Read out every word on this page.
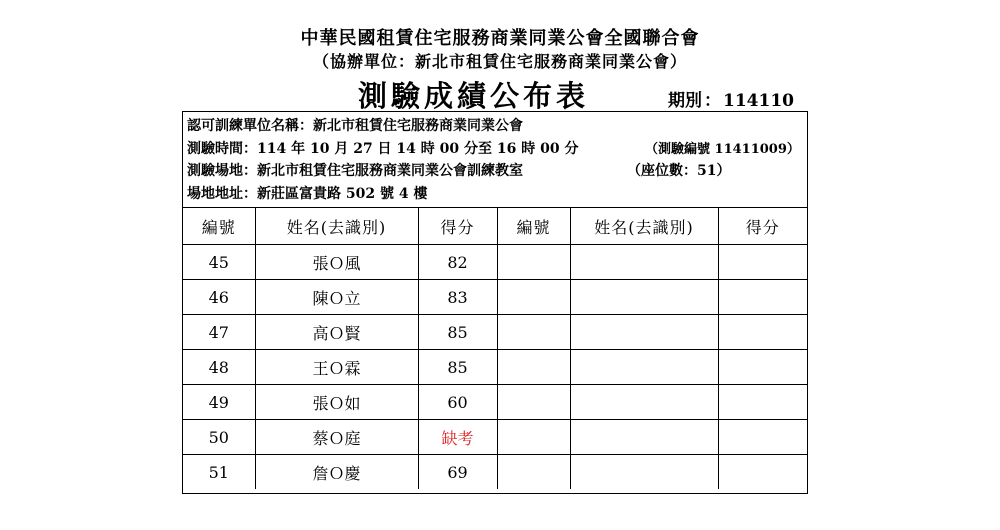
中華民國租賃住宅服務商業同業公會全國聯合會
（協辦單位：新北市租賃住宅服務商業同業公會）
測驗成績公布表	期別 ： 114110
認可訓練單位名稱：新北市租賃住宅服務商業同業公會
測驗時間：114 年 10 月 27 日 14 時 00 分至 16 時 00 分	（測驗編號 11411009）
測驗場地：新北市租賃住宅服務商業同業公會訓練教室	（座位數：51）
場地地址：新莊區富貴路 502 號 4 樓
編號	姓名(去識別)	得分	編號	姓名(去識別)	得分
45	張Ｏ風	82			
46	陳Ｏ立	83			
47	高Ｏ賢	85			
48	王Ｏ霖	85			
49	張Ｏ如	60			
50	蔡Ｏ庭	缺考			
51	詹Ｏ慶	69			
